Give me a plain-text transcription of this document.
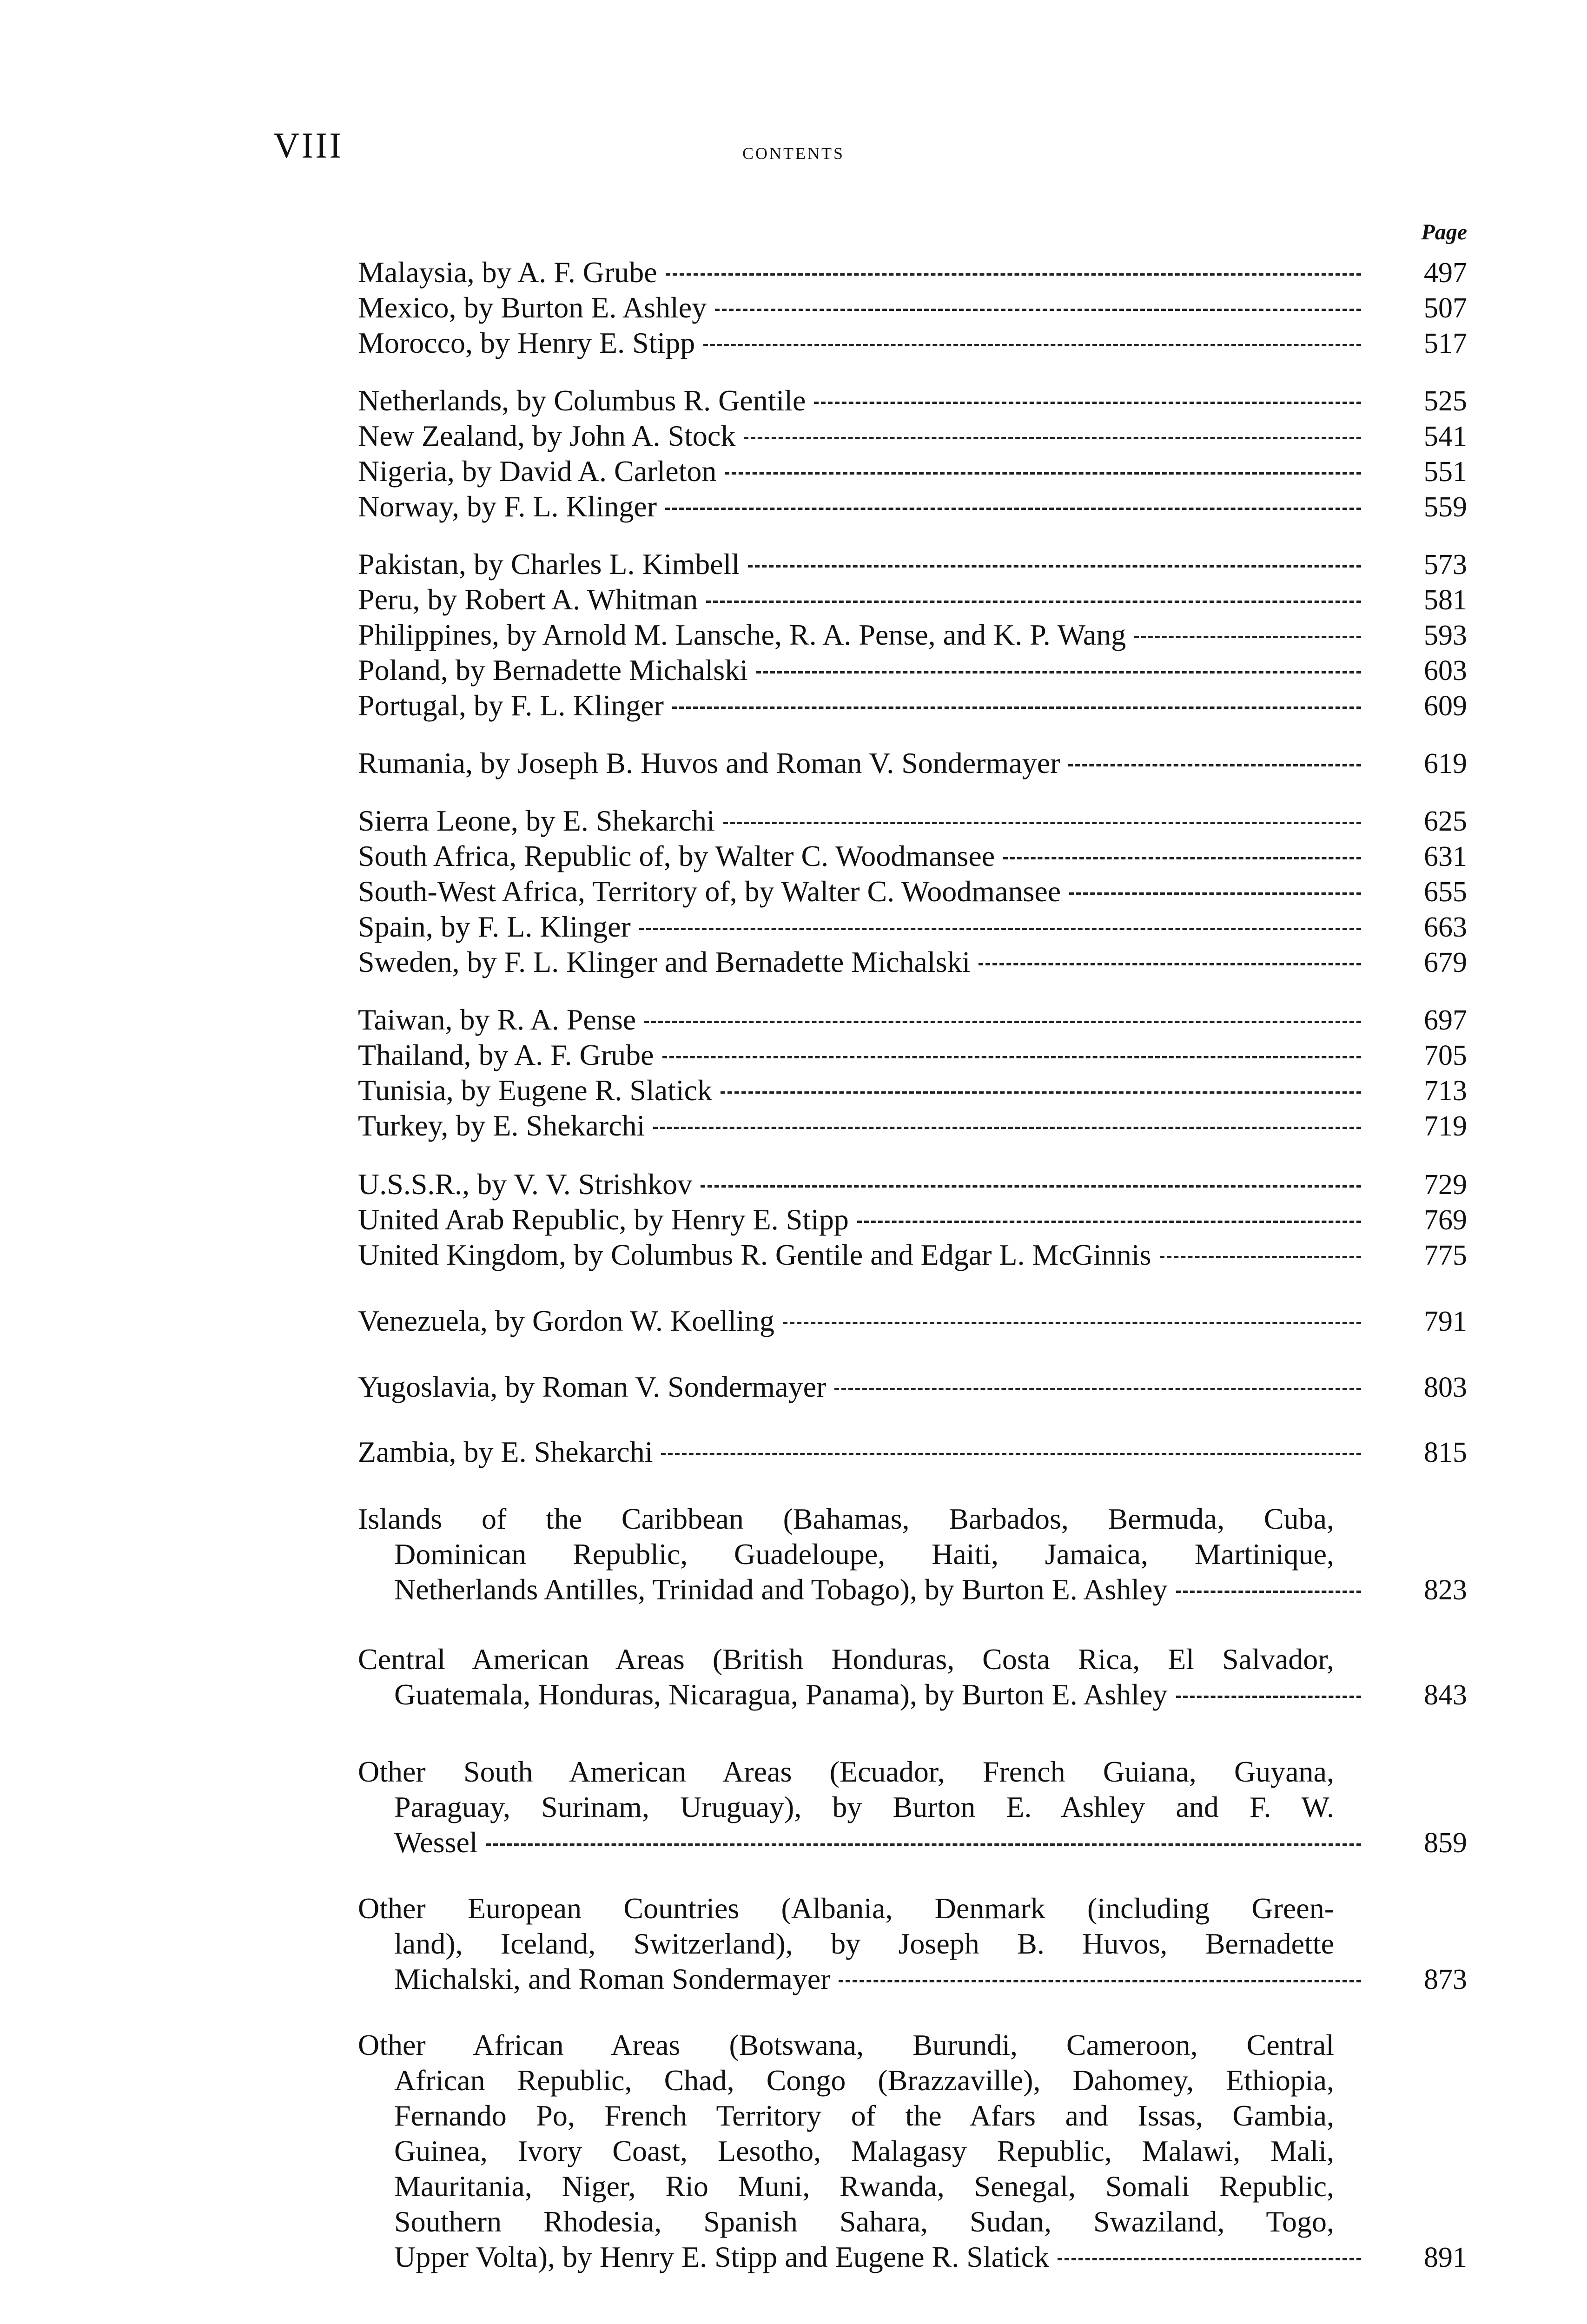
VIII	contents
Page
Malaysia, by A. F. Grube	497
Mexico, by Burton E. Ashley	507
Morocco, by Henry E. Stipp	517
Netherlands, by Columbus R. Gentile	525
New Zealand, by John A. Stock	541
Nigeria, by David A. Carleton	551
Norway, by F. L. Klinger	559
Pakistan, by Charles L. Kimbell	573
Peru, by Robert A. Whitman	581
Philippines, by Arnold M. Lansche, R. A. Pense, and K. P. Wang	593
Poland, by Bernadette Michalski	603
Portugal, by F. L. Klinger	609
Rumania, by Joseph B. Huvos and Roman V. Sondermayer	619
Sierra Leone, by E. Shekarchi	625
South Africa, Republic of, by Walter C. Woodmansee	631
South-West Africa, Territory of, by Walter C. Woodmansee	655
Spain, by F. L. Klinger	663
Sweden, by F. L. Klinger and Bernadette Michalski	679
Taiwan, by R. A. Pense	697
Thailand, by A. F. Grube	705
Tunisia, by Eugene R. Slatick	713
Turkey, by E. Shekarchi	719
U.S.S.R., by V. V. Strishkov	729
United Arab Republic, by Henry E. Stipp	769
United Kingdom, by Columbus R. Gentile and Edgar L. McGinnis	775
Venezuela, by Gordon W. Koelling	791
Yugoslavia, by Roman V. Sondermayer	803
Zambia, by E. Shekarchi	815
Islands of the Caribbean (Bahamas, Barbados, Bermuda, Cuba,
Dominican Republic, Guadeloupe, Haiti, Jamaica, Martinique,
Netherlands Antilles, Trinidad and Tobago), by Burton E. Ashley	823
Central American Areas (British Honduras, Costa Rica, El Salvador,
Guatemala, Honduras, Nicaragua, Panama), by Burton E. Ashley	843
Other South American Areas (Ecuador, French Guiana, Guyana,
Paraguay, Surinam, Uruguay), by Burton E. Ashley and F. W.
Wessel	859
Other European Countries (Albania, Denmark (including Green-
land), Iceland, Switzerland), by Joseph B. Huvos, Bernadette
Michalski, and Roman Sondermayer	873
Other African Areas (Botswana, Burundi, Cameroon, Central
African Republic, Chad, Congo (Brazzaville), Dahomey, Ethiopia,
Fernando Po, French Territory of the Afars and Issas, Gambia,
Guinea, Ivory Coast, Lesotho, Malagasy Republic, Malawi, Mali,
Mauritania, Niger, Rio Muni, Rwanda, Senegal, Somali Republic,
Southern Rhodesia, Spanish Sahara, Sudan, Swaziland, Togo,
Upper Volta), by Henry E. Stipp and Eugene R. Slatick	891
